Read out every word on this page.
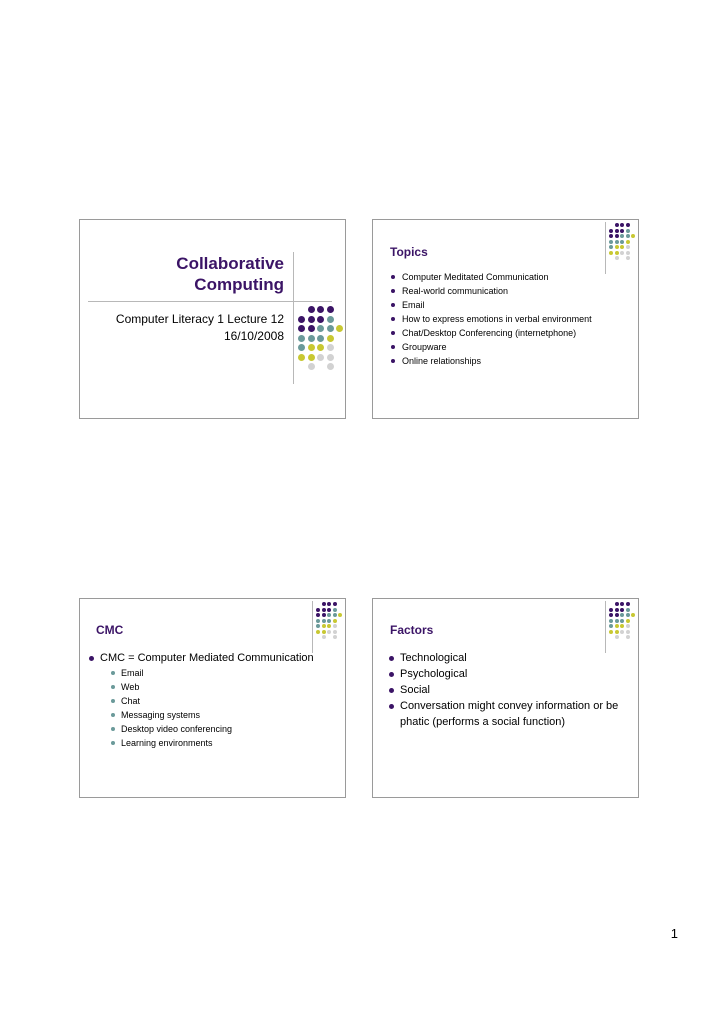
Collaborative
Computing
Computer Literacy 1 Lecture 12
16/10/2008
Topics
Computer Meditated Communication
Real-world communication
Email
How to express emotions in verbal environment
Chat/Desktop Conferencing (internetphone)
Groupware
Online relationships
CMC
CMC = Computer Mediated Communication
Email
Web
Chat
Messaging systems
Desktop video conferencing
Learning environments
Factors
Technological
Psychological
Social
Conversation might convey information or be phatic (performs a social function)
1
